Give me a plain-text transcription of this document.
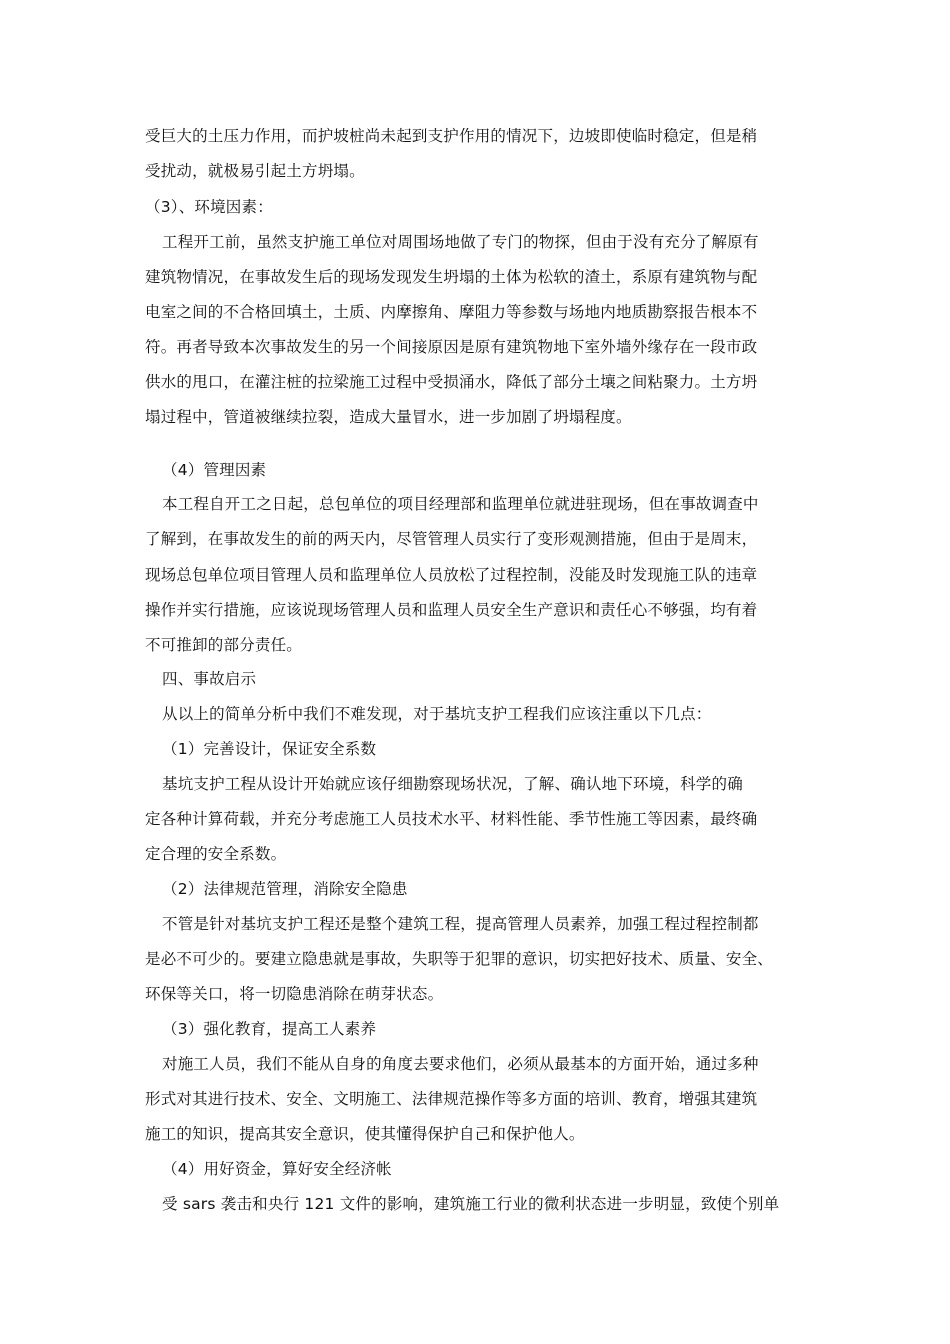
受巨大的土压力作用，而护坡桩尚未起到支护作用的情况下，边坡即使临时稳定，但是稍
受扰动，就极易引起土方坍塌。
（3）、环境因素：
工程开工前，虽然支护施工单位对周围场地做了专门的物探，但由于没有充分了解原有
建筑物情况，在事故发生后的现场发现发生坍塌的土体为松软的渣土，系原有建筑物与配
电室之间的不合格回填土，土质、内摩擦角、摩阻力等参数与场地内地质勘察报告根本不
符。再者导致本次事故发生的另一个间接原因是原有建筑物地下室外墙外缘存在一段市政
供水的甩口，在灌注桩的拉梁施工过程中受损涌水，降低了部分土壤之间粘聚力。土方坍
塌过程中，管道被继续拉裂，造成大量冒水，进一步加剧了坍塌程度。
（4）管理因素
本工程自开工之日起，总包单位的项目经理部和监理单位就进驻现场，但在事故调查中
了解到，在事故发生的前的两天内，尽管管理人员实行了变形观测措施，但由于是周末，
现场总包单位项目管理人员和监理单位人员放松了过程控制，没能及时发现施工队的违章
操作并实行措施，应该说现场管理人员和监理人员安全生产意识和责任心不够强，均有着
不可推卸的部分责任。
四、事故启示
从以上的简单分析中我们不难发现，对于基坑支护工程我们应该注重以下几点：
（1）完善设计，保证安全系数
基坑支护工程从设计开始就应该仔细勘察现场状况，了解、确认地下环境，科学的确
定各种计算荷载，并充分考虑施工人员技术水平、材料性能、季节性施工等因素，最终确
定合理的安全系数。
（2）法律规范管理，消除安全隐患
不管是针对基坑支护工程还是整个建筑工程，提高管理人员素养，加强工程过程控制都
是必不可少的。要建立隐患就是事故，失职等于犯罪的意识，切实把好技术、质量、安全、
环保等关口，将一切隐患消除在萌芽状态。
（3）强化教育，提高工人素养
对施工人员，我们不能从自身的角度去要求他们，必须从最基本的方面开始，通过多种
形式对其进行技术、安全、文明施工、法律规范操作等多方面的培训、教育，增强其建筑
施工的知识，提高其安全意识，使其懂得保护自己和保护他人。
（4）用好资金，算好安全经济帐
受 sars 袭击和央行 121 文件的影响，建筑施工行业的微利状态进一步明显，致使个别单
